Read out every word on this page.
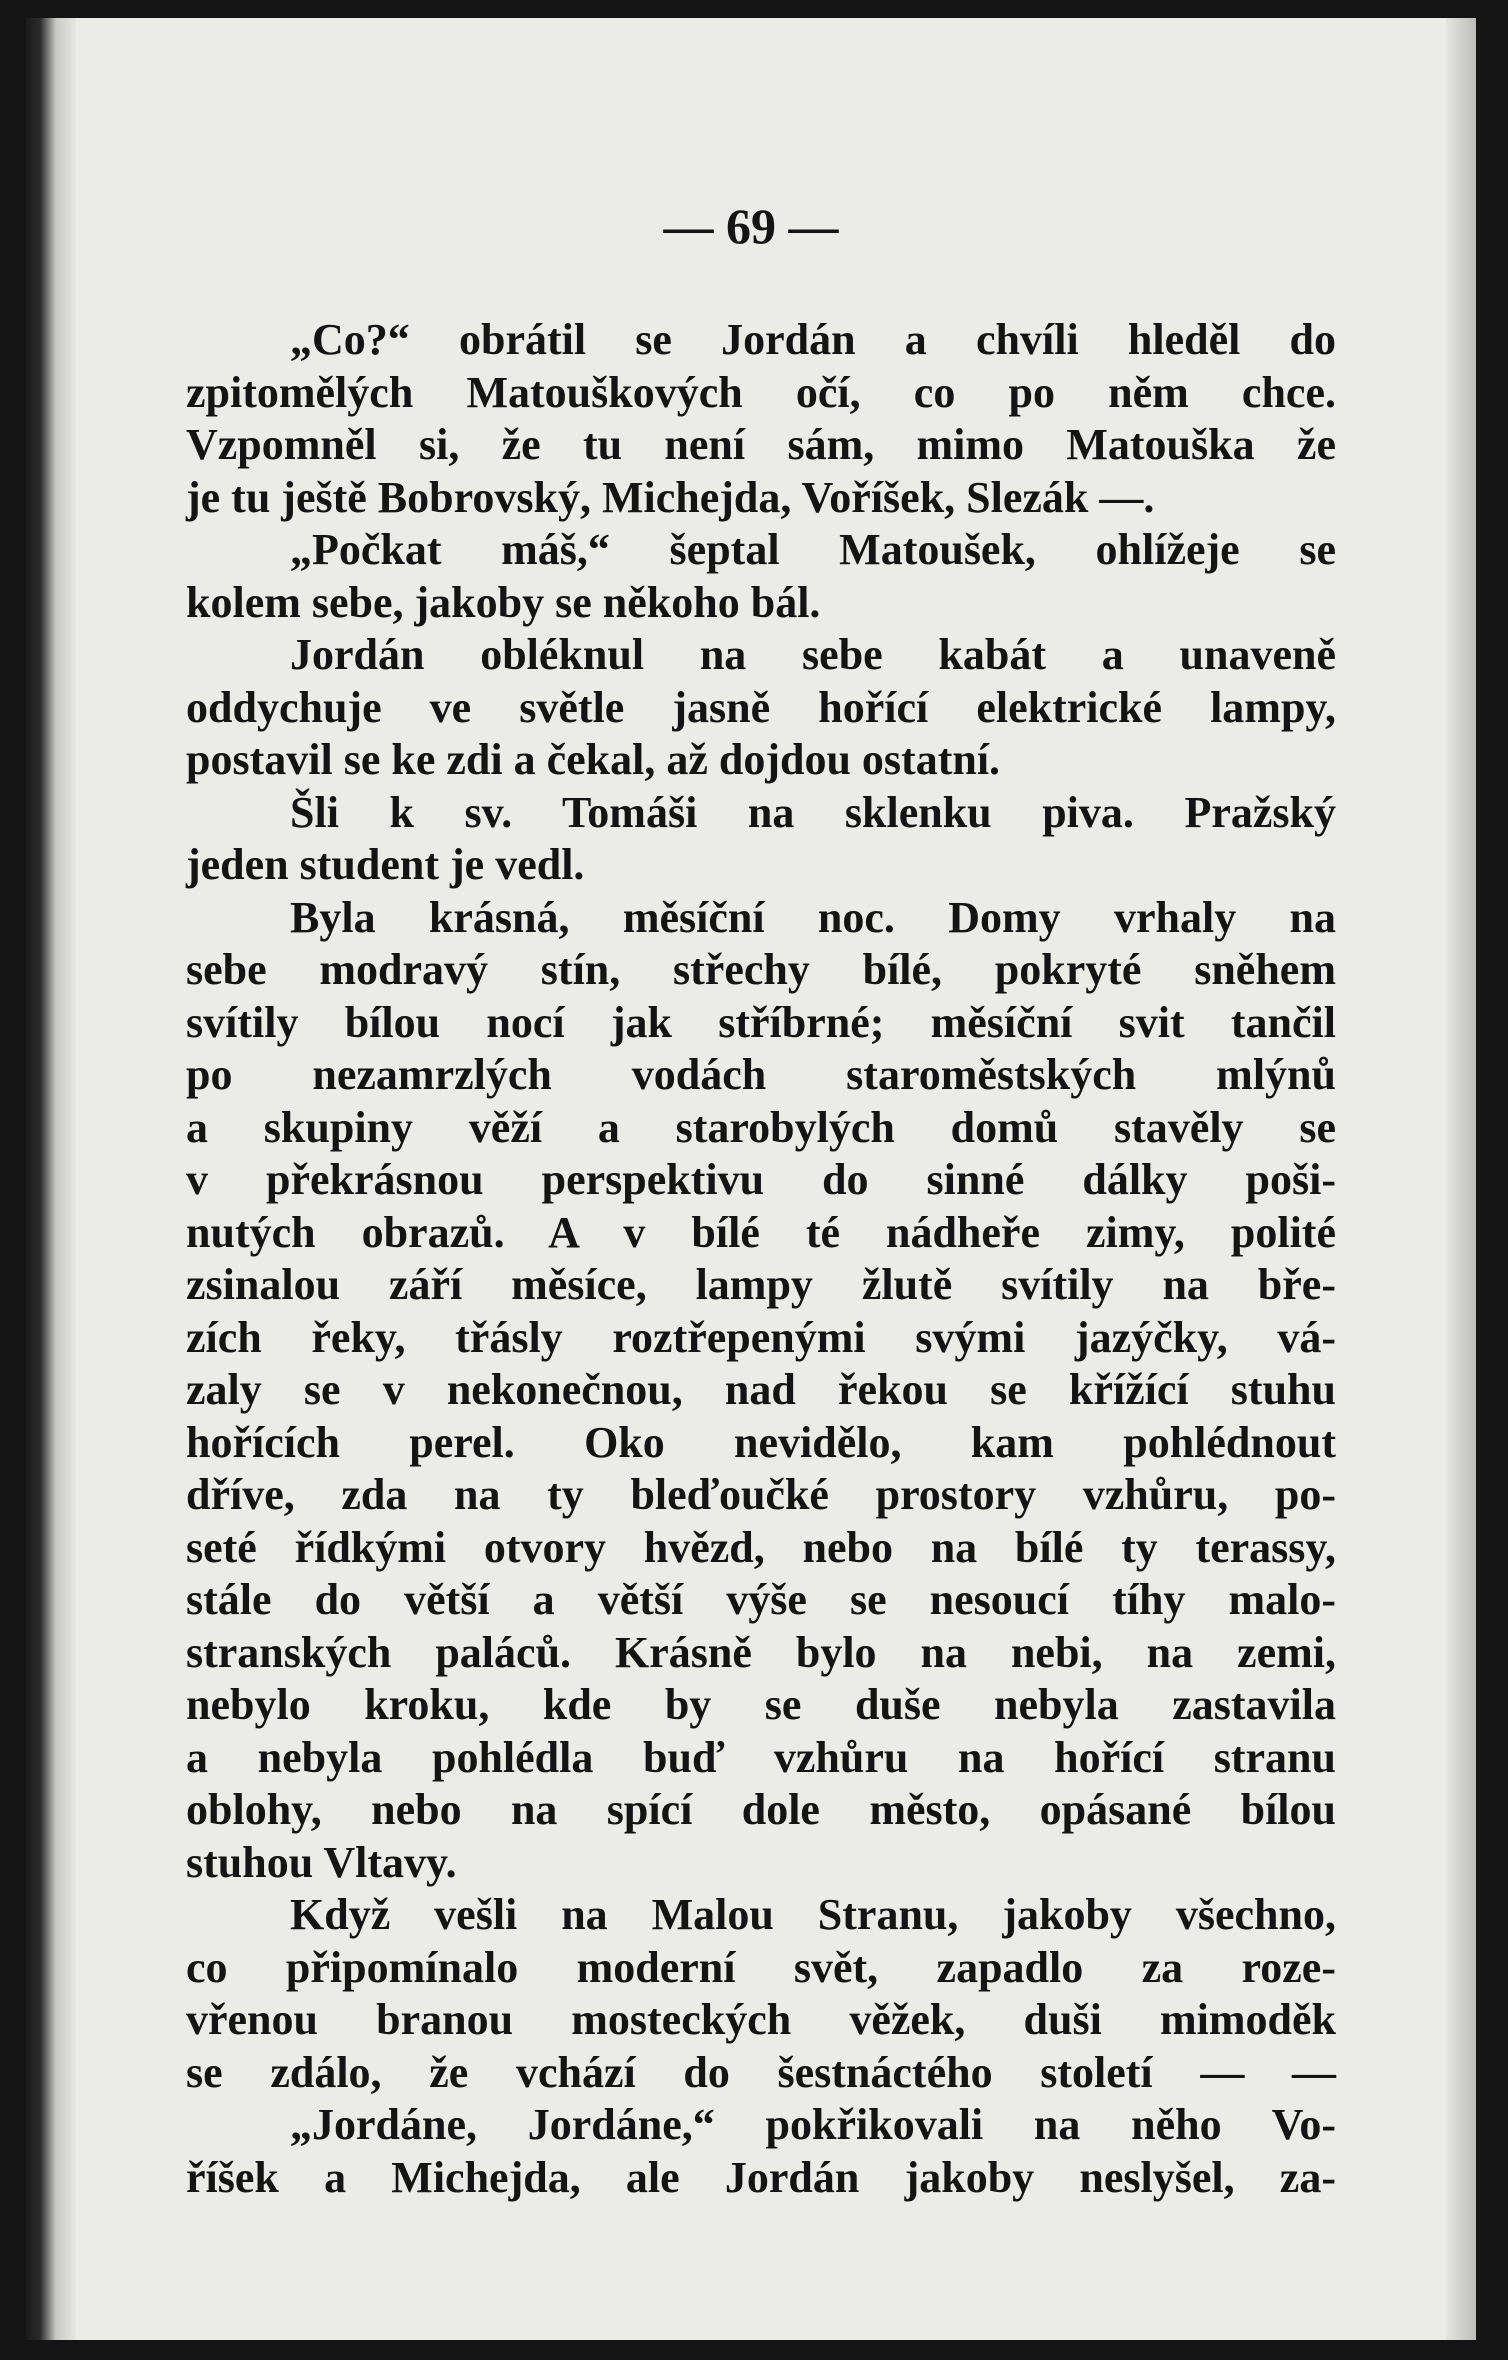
— 69 —
„Co?“ obrátil se Jordán a chvíli hleděl do
zpitomělých Matouškových očí, co po něm chce.
Vzpomněl si, že tu není sám, mimo Matouška že
je tu ještě Bobrovský, Michejda, Voříšek, Slezák —.
„Počkat máš,“ šeptal Matoušek, ohlížeje se
kolem sebe, jakoby se někoho bál.
Jordán obléknul na sebe kabát a unaveně
oddychuje ve světle jasně hořící elektrické lampy,
postavil se ke zdi a čekal, až dojdou ostatní.
Šli k sv. Tomáši na sklenku piva. Pražský
jeden student je vedl.
Byla krásná, měsíční noc. Domy vrhaly na
sebe modravý stín, střechy bílé, pokryté sněhem
svítily bílou nocí jak stříbrné; měsíční svit tančil
po nezamrzlých vodách staroměstských mlýnů
a skupiny věží a starobylých domů stavěly se
v překrásnou perspektivu do sinné dálky poši-
nutých obrazů. A v bílé té nádheře zimy, polité
zsinalou září měsíce, lampy žlutě svítily na bře-
zích řeky, třásly roztřepenými svými jazýčky, vá-
zaly se v nekonečnou, nad řekou se křížící stuhu
hořících perel. Oko nevidělo, kam pohlédnout
dříve, zda na ty bleďoučké prostory vzhůru, po-
seté řídkými otvory hvězd, nebo na bílé ty terassy,
stále do větší a větší výše se nesoucí tíhy malo-
stranských paláců. Krásně bylo na nebi, na zemi,
nebylo kroku, kde by se duše nebyla zastavila
a nebyla pohlédla buď vzhůru na hořící stranu
oblohy, nebo na spící dole město, opásané bílou
stuhou Vltavy.
Když vešli na Malou Stranu, jakoby všechno,
co připomínalo moderní svět, zapadlo za roze-
vřenou branou mosteckých věžek, duši mimoděk
se zdálo, že vchází do šestnáctého století — —
„Jordáne, Jordáne,“ pokřikovali na něho Vo-
říšek a Michejda, ale Jordán jakoby neslyšel, za-
